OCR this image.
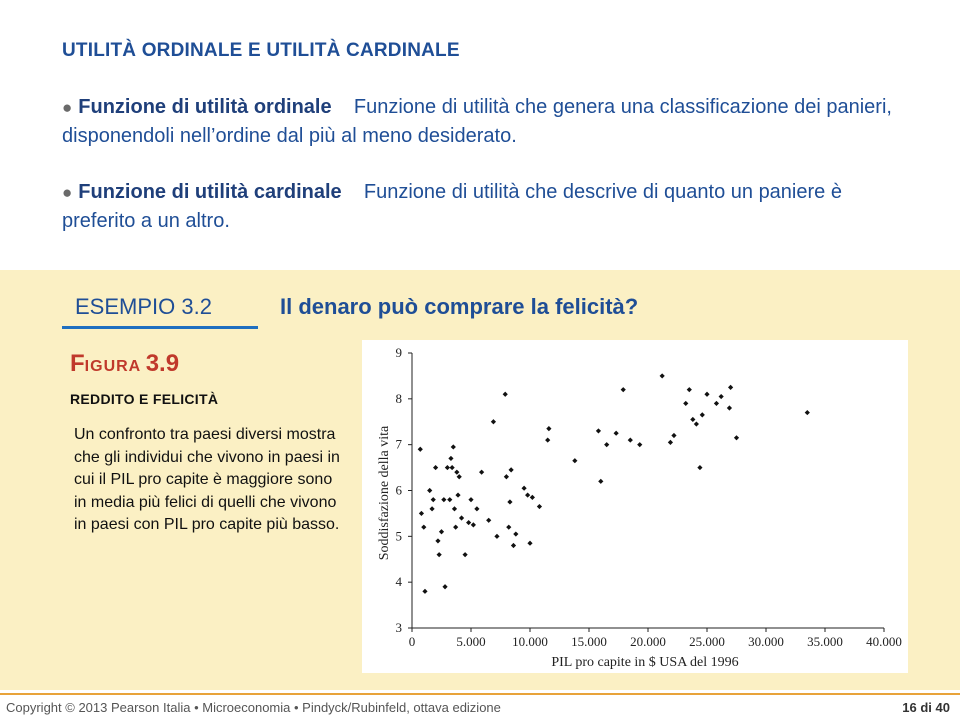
UTILITÀ ORDINALE E UTILITÀ CARDINALE
● Funzione di utilità ordinale Funzione di utilità che genera una classificazione dei panieri, disponendoli nell’ordine dal più al meno desiderato.
● Funzione di utilità cardinale Funzione di utilità che descrive di quanto un paniere è preferito a un altro.
ESEMPIO 3.2	Il denaro può comprare la felicità?
FIGURA 3.9
REDDITO E FELICITÀ
Un confronto tra paesi diversi mostra che gli individui che vivono in paesi in cui il PIL pro capite è maggiore sono in media più felici di quelli che vivono in paesi con PIL pro capite più basso.
0	5.000 10.000 15.000 20.000 25.000 30.000 35.000 40.000
3
4
5
6
7
8
9
Soddisfazione della vita
PIL pro capite in $ USA del 1996
Copyright © 2013 Pearson Italia • Microeconomia • Pindyck/Rubinfeld, ottava edizione	16 di 40
